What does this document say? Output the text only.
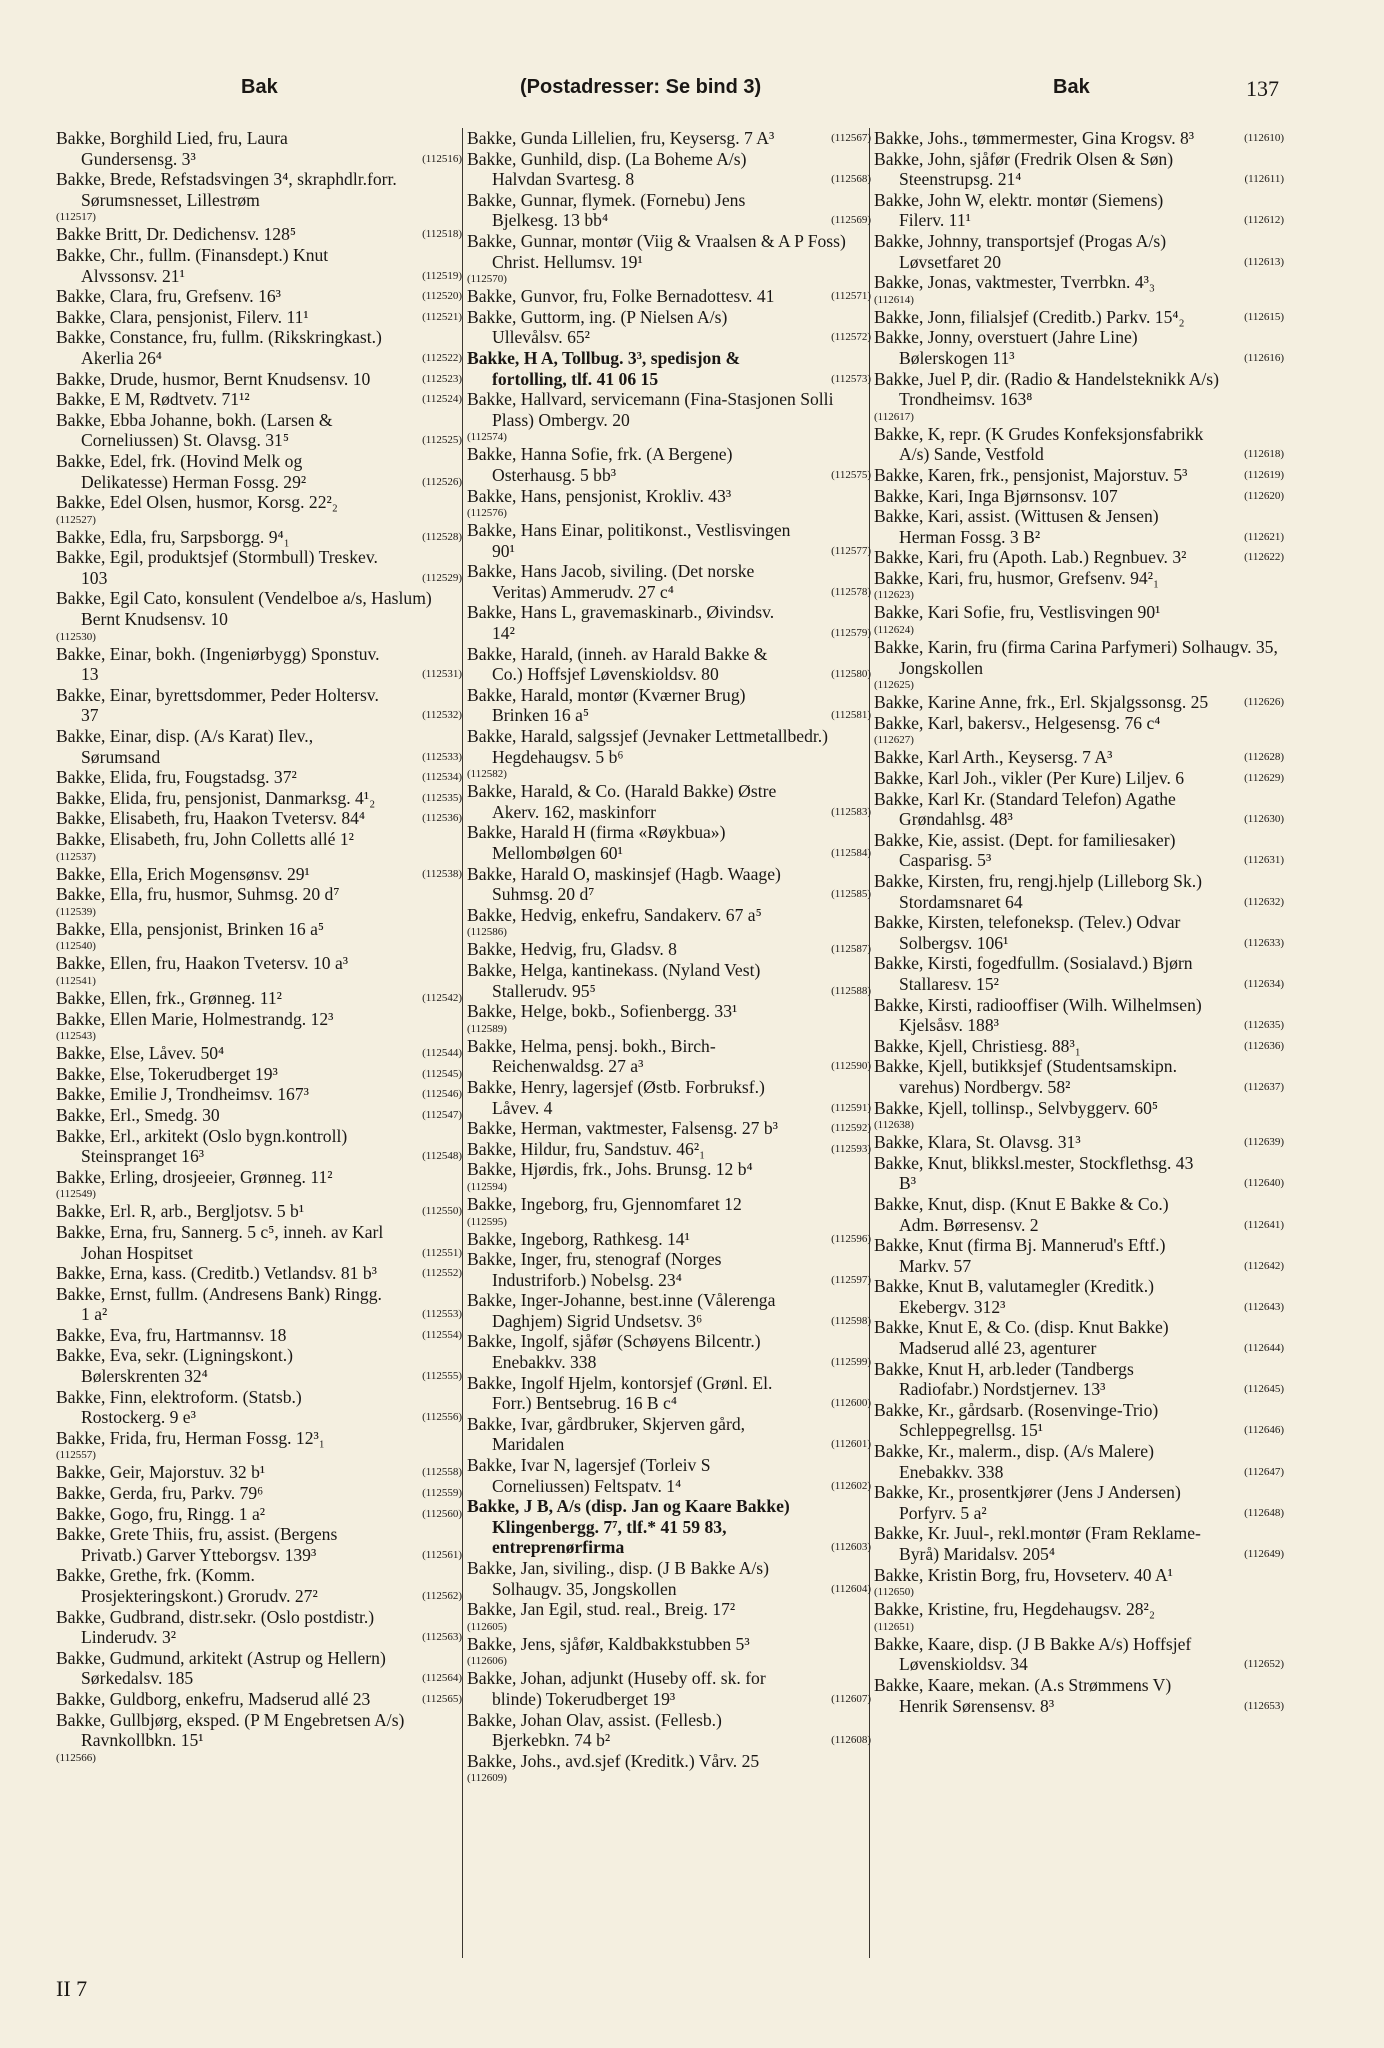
Bak	(Postadresser: Se bind 3)	Bak	137
Bakke, Borghild Lied, fru, Laura Gundersensg. 3³	(112516)
Bakke, Brede, Refstadsvingen 3⁴, skraphdlr.forr. Sørumsnesset, Lillestrøm
(112517)
Bakke Britt, Dr. Dedichensv. 128⁵	(112518)
Bakke, Chr., fullm. (Finansdept.) Knut Alvssonsv. 21¹	(112519)
Bakke, Clara, fru, Grefsenv. 16³	(112520)
Bakke, Clara, pensjonist, Filerv. 11¹	(112521)
Bakke, Constance, fru, fullm. (Rikskringkast.) Akerlia 26⁴	(112522)
Bakke, Drude, husmor, Bernt Knudsensv. 10	(112523)
Bakke, E M, Rødtvetv. 71¹²	(112524)
Bakke, Ebba Johanne, bokh. (Larsen & Corneliussen) St. Olavsg. 31⁵	(112525)
Bakke, Edel, frk. (Hovind Melk og Delikatesse) Herman Fossg. 29²	(112526)
Bakke, Edel Olsen, husmor, Korsg. 22²₂
(112527)
Bakke, Edla, fru, Sarpsborgg. 9⁴₁	(112528)
Bakke, Egil, produktsjef (Stormbull) Treskev. 103	(112529)
Bakke, Egil Cato, konsulent (Vendelboe a/s, Haslum) Bernt Knudsensv. 10
(112530)
Bakke, Einar, bokh. (Ingeniørbygg) Sponstuv. 13	(112531)
Bakke, Einar, byrettsdommer, Peder Holtersv. 37	(112532)
Bakke, Einar, disp. (A/s Karat) Ilev., Sørumsand	(112533)
Bakke, Elida, fru, Fougstadsg. 37²	(112534)
Bakke, Elida, fru, pensjonist, Danmarksg. 4¹₂	(112535)
Bakke, Elisabeth, fru, Haakon Tvetersv. 84⁴	(112536)
Bakke, Elisabeth, fru, John Colletts allé 1²
(112537)
Bakke, Ella, Erich Mogensønsv. 29¹	(112538)
Bakke, Ella, fru, husmor, Suhmsg. 20 d⁷
(112539)
Bakke, Ella, pensjonist, Brinken 16 a⁵
(112540)
Bakke, Ellen, fru, Haakon Tvetersv. 10 a³
(112541)
Bakke, Ellen, frk., Grønneg. 11²	(112542)
Bakke, Ellen Marie, Holmestrandg. 12³
(112543)
Bakke, Else, Låvev. 50⁴	(112544)
Bakke, Else, Tokerudberget 19³	(112545)
Bakke, Emilie J, Trondheimsv. 167³	(112546)
Bakke, Erl., Smedg. 30	(112547)
Bakke, Erl., arkitekt (Oslo bygn.kontroll) Steinspranget 16³	(112548)
Bakke, Erling, drosjeeier, Grønneg. 11²
(112549)
Bakke, Erl. R, arb., Bergljotsv. 5 b¹	(112550)
Bakke, Erna, fru, Sannerg. 5 c⁵, inneh. av Karl Johan Hospitset	(112551)
Bakke, Erna, kass. (Creditb.) Vetlandsv. 81 b³	(112552)
Bakke, Ernst, fullm. (Andresens Bank) Ringg. 1 a²	(112553)
Bakke, Eva, fru, Hartmannsv. 18	(112554)
Bakke, Eva, sekr. (Ligningskont.) Bølerskrenten 32⁴	(112555)
Bakke, Finn, elektroform. (Statsb.) Rostockerg. 9 e³	(112556)
Bakke, Frida, fru, Herman Fossg. 12³₁
(112557)
Bakke, Geir, Majorstuv. 32 b¹	(112558)
Bakke, Gerda, fru, Parkv. 79⁶	(112559)
Bakke, Gogo, fru, Ringg. 1 a²	(112560)
Bakke, Grete Thiis, fru, assist. (Bergens Privatb.) Garver Ytteborgsv. 139³	(112561)
Bakke, Grethe, frk. (Komm. Prosjekteringskont.) Grorudv. 27²	(112562)
Bakke, Gudbrand, distr.sekr. (Oslo postdistr.) Linderudv. 3²	(112563)
Bakke, Gudmund, arkitekt (Astrup og Hellern) Sørkedalsv. 185	(112564)
Bakke, Guldborg, enkefru, Madserud allé 23	(112565)
Bakke, Gullbjørg, eksped. (P M Engebretsen A/s) Ravnkollbkn. 15¹
(112566)
Bakke, Gunda Lillelien, fru, Keysersg. 7 A³	(112567)
Bakke, Gunhild, disp. (La Boheme A/s) Halvdan Svartesg. 8	(112568)
Bakke, Gunnar, flymek. (Fornebu) Jens Bjelkesg. 13 bb⁴	(112569)
Bakke, Gunnar, montør (Viig & Vraalsen & A P Foss) Christ. Hellumsv. 19¹
(112570)
Bakke, Gunvor, fru, Folke Bernadottesv. 41	(112571)
Bakke, Guttorm, ing. (P Nielsen A/s) Ullevålsv. 65²	(112572)
Bakke, H A, Tollbug. 3³, spedisjon & fortolling, tlf. 41 06 15	(112573)
Bakke, Hallvard, servicemann (Fina-Stasjonen Solli Plass) Ombergv. 20
(112574)
Bakke, Hanna Sofie, frk. (A Bergene) Osterhausg. 5 bb³	(112575)
Bakke, Hans, pensjonist, Krokliv. 43³
(112576)
Bakke, Hans Einar, politikonst., Vestlisvingen 90¹	(112577)
Bakke, Hans Jacob, siviling. (Det norske Veritas) Ammerudv. 27 c⁴	(112578)
Bakke, Hans L, gravemaskinarb., Øivindsv. 14²	(112579)
Bakke, Harald, (inneh. av Harald Bakke & Co.) Hoffsjef Løvenskioldsv. 80	(112580)
Bakke, Harald, montør (Kværner Brug) Brinken 16 a⁵	(112581)
Bakke, Harald, salgssjef (Jevnaker Lettmetallbedr.) Hegdehaugsv. 5 b⁶
(112582)
Bakke, Harald, & Co. (Harald Bakke) Østre Akerv. 162, maskinforr	(112583)
Bakke, Harald H (firma «Røykbua») Mellombølgen 60¹	(112584)
Bakke, Harald O, maskinsjef (Hagb. Waage) Suhmsg. 20 d⁷	(112585)
Bakke, Hedvig, enkefru, Sandakerv. 67 a⁵
(112586)
Bakke, Hedvig, fru, Gladsv. 8	(112587)
Bakke, Helga, kantinekass. (Nyland Vest) Stallerudv. 95⁵	(112588)
Bakke, Helge, bokb., Sofienbergg. 33¹
(112589)
Bakke, Helma, pensj. bokh., Birch-Reichenwaldsg. 27 a³	(112590)
Bakke, Henry, lagersjef (Østb. Forbruksf.) Låvev. 4	(112591)
Bakke, Herman, vaktmester, Falsensg. 27 b³	(112592)
Bakke, Hildur, fru, Sandstuv. 46²₁	(112593)
Bakke, Hjørdis, frk., Johs. Brunsg. 12 b⁴
(112594)
Bakke, Ingeborg, fru, Gjennomfaret 12
(112595)
Bakke, Ingeborg, Rathkesg. 14¹	(112596)
Bakke, Inger, fru, stenograf (Norges Industriforb.) Nobelsg. 23⁴	(112597)
Bakke, Inger-Johanne, best.inne (Vålerenga Daghjem) Sigrid Undsetsv. 3⁶	(112598)
Bakke, Ingolf, sjåfør (Schøyens Bilcentr.) Enebakkv. 338	(112599)
Bakke, Ingolf Hjelm, kontorsjef (Grønl. El. Forr.) Bentsebrug. 16 B c⁴	(112600)
Bakke, Ivar, gårdbruker, Skjerven gård, Maridalen	(112601)
Bakke, Ivar N, lagersjef (Torleiv S Corneliussen) Feltspatv. 1⁴	(112602)
Bakke, J B, A/s (disp. Jan og Kaare Bakke) Klingenbergg. 7⁷, tlf.* 41 59 83, entreprenørfirma	(112603)
Bakke, Jan, siviling., disp. (J B Bakke A/s) Solhaugv. 35, Jongskollen	(112604)
Bakke, Jan Egil, stud. real., Breig. 17²
(112605)
Bakke, Jens, sjåfør, Kaldbakkstubben 5³
(112606)
Bakke, Johan, adjunkt (Huseby off. sk. for blinde) Tokerudberget 19³	(112607)
Bakke, Johan Olav, assist. (Fellesb.) Bjerkebkn. 74 b²	(112608)
Bakke, Johs., avd.sjef (Kreditk.) Vårv. 25
(112609)
Bakke, Johs., tømmermester, Gina Krogsv. 8³	(112610)
Bakke, John, sjåfør (Fredrik Olsen & Søn) Steenstrupsg. 21⁴	(112611)
Bakke, John W, elektr. montør (Siemens) Filerv. 11¹	(112612)
Bakke, Johnny, transportsjef (Progas A/s) Løvsetfaret 20	(112613)
Bakke, Jonas, vaktmester, Tverrbkn. 4³₃
(112614)
Bakke, Jonn, filialsjef (Creditb.) Parkv. 15⁴₂	(112615)
Bakke, Jonny, overstuert (Jahre Line) Bølerskogen 11³	(112616)
Bakke, Juel P, dir. (Radio & Handelsteknikk A/s) Trondheimsv. 163⁸
(112617)
Bakke, K, repr. (K Grudes Konfeksjonsfabrikk A/s) Sande, Vestfold	(112618)
Bakke, Karen, frk., pensjonist, Majorstuv. 5³	(112619)
Bakke, Kari, Inga Bjørnsonsv. 107	(112620)
Bakke, Kari, assist. (Wittusen & Jensen) Herman Fossg. 3 B²	(112621)
Bakke, Kari, fru (Apoth. Lab.) Regnbuev. 3²	(112622)
Bakke, Kari, fru, husmor, Grefsenv. 94²₁
(112623)
Bakke, Kari Sofie, fru, Vestlisvingen 90¹
(112624)
Bakke, Karin, fru (firma Carina Parfymeri) Solhaugv. 35, Jongskollen
(112625)
Bakke, Karine Anne, frk., Erl. Skjalgssonsg. 25	(112626)
Bakke, Karl, bakersv., Helgesensg. 76 c⁴
(112627)
Bakke, Karl Arth., Keysersg. 7 A³	(112628)
Bakke, Karl Joh., vikler (Per Kure) Liljev. 6	(112629)
Bakke, Karl Kr. (Standard Telefon) Agathe Grøndahlsg. 48³	(112630)
Bakke, Kie, assist. (Dept. for familiesaker) Casparisg. 5³	(112631)
Bakke, Kirsten, fru, rengj.hjelp (Lilleborg Sk.) Stordamsnaret 64	(112632)
Bakke, Kirsten, telefoneksp. (Telev.) Odvar Solbergsv. 106¹	(112633)
Bakke, Kirsti, fogedfullm. (Sosialavd.) Bjørn Stallaresv. 15²	(112634)
Bakke, Kirsti, radiooffiser (Wilh. Wilhelmsen) Kjelsåsv. 188³	(112635)
Bakke, Kjell, Christiesg. 88³₁	(112636)
Bakke, Kjell, butikksjef (Studentsamskipn. varehus) Nordbergv. 58²	(112637)
Bakke, Kjell, tollinsp., Selvbyggerv. 60⁵
(112638)
Bakke, Klara, St. Olavsg. 31³	(112639)
Bakke, Knut, blikksl.mester, Stockflethsg. 43 B³	(112640)
Bakke, Knut, disp. (Knut E Bakke & Co.) Adm. Børresensv. 2	(112641)
Bakke, Knut (firma Bj. Mannerud's Eftf.) Markv. 57	(112642)
Bakke, Knut B, valutamegler (Kreditk.) Ekebergv. 312³	(112643)
Bakke, Knut E, & Co. (disp. Knut Bakke) Madserud allé 23, agenturer	(112644)
Bakke, Knut H, arb.leder (Tandbergs Radiofabr.) Nordstjernev. 13³	(112645)
Bakke, Kr., gårdsarb. (Rosenvinge-Trio) Schleppegrellsg. 15¹	(112646)
Bakke, Kr., malerm., disp. (A/s Malere) Enebakkv. 338	(112647)
Bakke, Kr., prosentkjører (Jens J Andersen) Porfyrv. 5 a²	(112648)
Bakke, Kr. Juul-, rekl.montør (Fram Reklame-Byrå) Maridalsv. 205⁴	(112649)
Bakke, Kristin Borg, fru, Hovseterv. 40 A¹
(112650)
Bakke, Kristine, fru, Hegdehaugsv. 28²₂
(112651)
Bakke, Kaare, disp. (J B Bakke A/s) Hoffsjef Løvenskioldsv. 34	(112652)
Bakke, Kaare, mekan. (A.s Strømmens V) Henrik Sørensensv. 8³	(112653)
II 7
